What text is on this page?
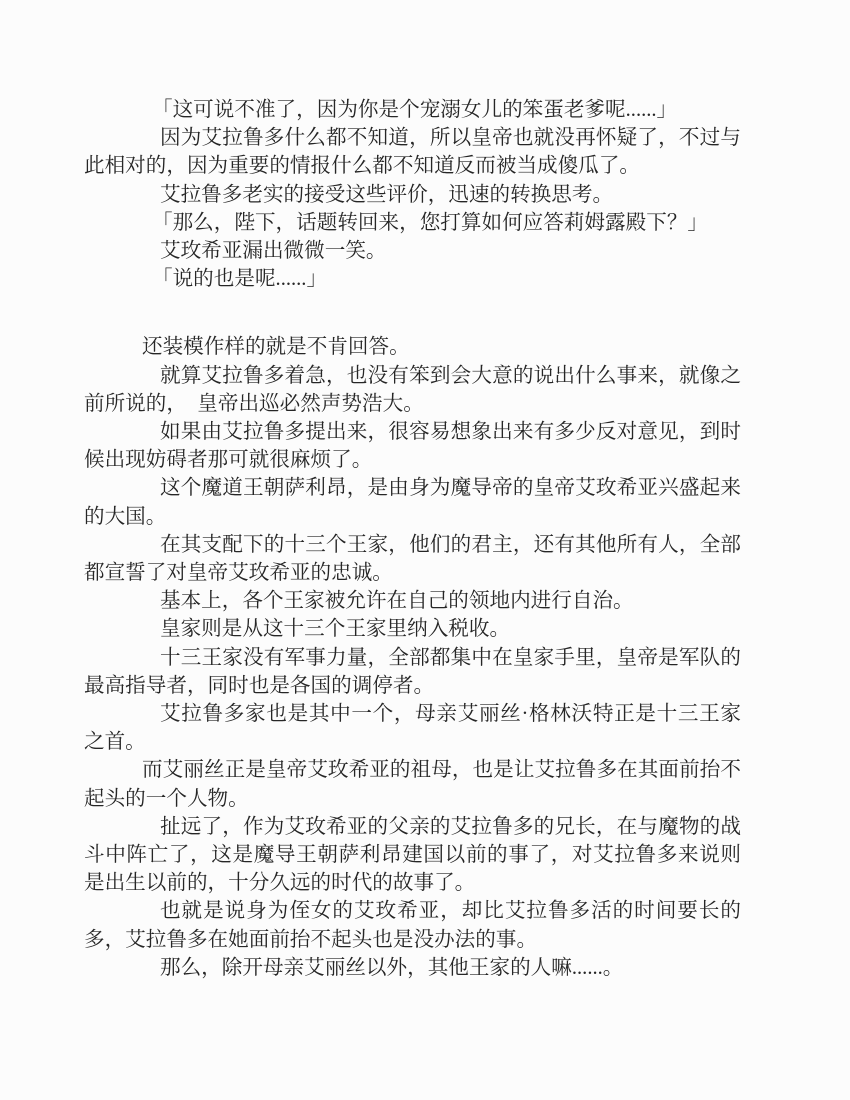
「这可说不准了，因为你是个宠溺女儿的笨蛋老爹呢......」

因为艾拉鲁多什么都不知道，所以皇帝也就没再怀疑了，不过与此相对的，因为重要的情报什么都不知道反而被当成傻瓜了。

艾拉鲁多老实的接受这些评价，迅速的转换思考。

「那么，陛下，话题转回来，您打算如何应答莉姆露殿下？」

艾玫希亚漏出微微一笑。

「说的也是呢......」

还装模作样的就是不肯回答。

就算艾拉鲁多着急，也没有笨到会大意的说出什么事来，就像之前所说的，　皇帝出巡必然声势浩大。

如果由艾拉鲁多提出来，很容易想象出来有多少反对意见，到时候出现妨碍者那可就很麻烦了。

这个魔道王朝萨利昂，是由身为魔导帝的皇帝艾玫希亚兴盛起来的大国。

在其支配下的十三个王家，他们的君主，还有其他所有人，全部都宣誓了对皇帝艾玫希亚的忠诚。

基本上，各个王家被允许在自己的领地内进行自治。

皇家则是从这十三个王家里纳入税收。

十三王家没有军事力量，全部都集中在皇家手里，皇帝是军队的最高指导者，同时也是各国的调停者。

艾拉鲁多家也是其中一个，母亲艾丽丝·格林沃特正是十三王家之首。

而艾丽丝正是皇帝艾玫希亚的祖母，也是让艾拉鲁多在其面前抬不起头的一个人物。

扯远了，作为艾玫希亚的父亲的艾拉鲁多的兄长，在与魔物的战斗中阵亡了，这是魔导王朝萨利昂建国以前的事了，对艾拉鲁多来说则是出生以前的，十分久远的时代的故事了。

也就是说身为侄女的艾玫希亚，却比艾拉鲁多活的时间要长的多，艾拉鲁多在她面前抬不起头也是没办法的事。

那么，除开母亲艾丽丝以外，其他王家的人嘛......。
